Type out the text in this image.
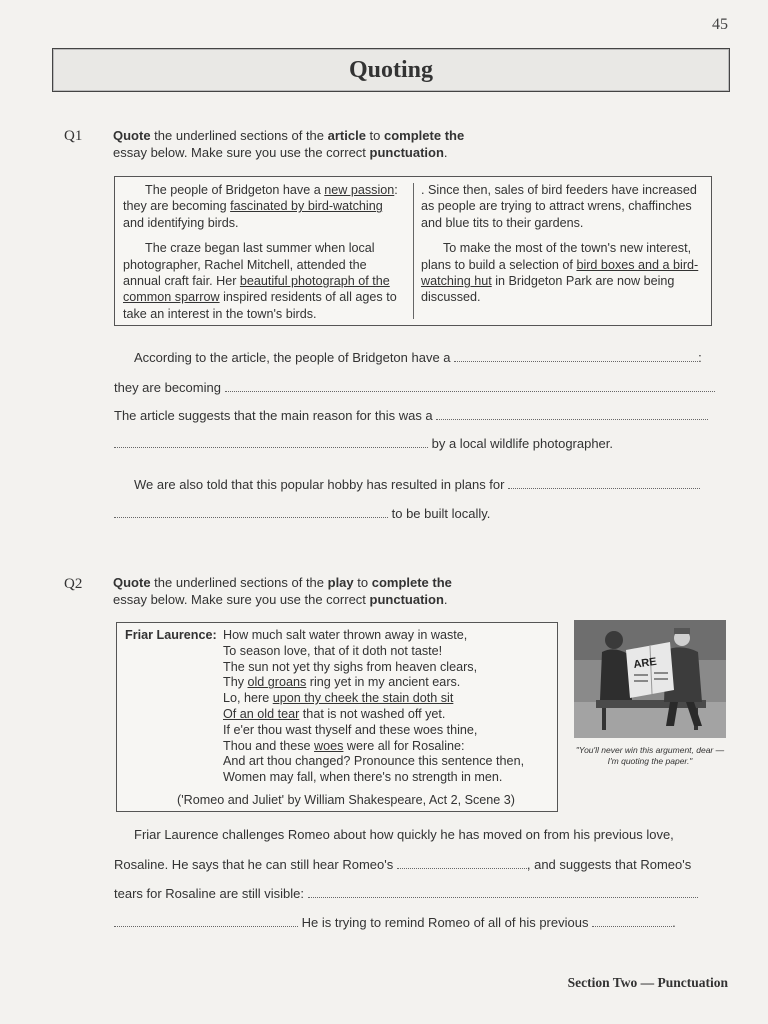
45
Quoting
Q1 Quote the underlined sections of the article to complete the
essay below. Make sure you use the correct punctuation.

The people of Bridgeton have a new passion: they are becoming fascinated by bird-watching and identifying birds.

The craze began last summer when local photographer, Rachel Mitchell, attended the annual craft fair. Her beautiful photograph of the common sparrow inspired residents of all ages to take an interest in the town's birds.

. Since then, sales of bird feeders have increased as people are trying to attract wrens, chaffinches and blue tits to their gardens.

To make the most of the town's new interest, plans to build a selection of bird boxes and a bird-watching hut in Bridgeton Park are now being discussed.

According to the article, the people of Bridgeton have a	:
they are becoming
The article suggests that the main reason for this was a
by a local wildlife photographer.
We are also told that this popular hobby has resulted in plans for
to be built locally.
Q2 Quote the underlined sections of the play to complete the
essay below. Make sure you use the correct punctuation.
Friar Laurence: How much salt water thrown away in waste,
To season love, that of it doth not taste!
The sun not yet thy sighs from heaven clears,
Thy old groans ring yet in my ancient ears.
Lo, here upon thy cheek the stain doth sit
Of an old tear that is not washed off yet.
If e'er thou wast thyself and these woes thine,
Thou and these woes were all for Rosaline:
And art thou changed? Pronounce this sentence then,
Women may fall, when there's no strength in men.
('Romeo and Juliet' by William Shakespeare, Act 2, Scene 3)
ARE
"You'll never win this argument, dear — I'm quoting the paper."
Friar Laurence challenges Romeo about how quickly he has moved on from his previous love,
Rosaline. He says that he can still hear Romeo's	, and suggests that Romeo's
tears for Rosaline are still visible:
He is trying to remind Romeo of all of his previous	.
Section Two — Punctuation
